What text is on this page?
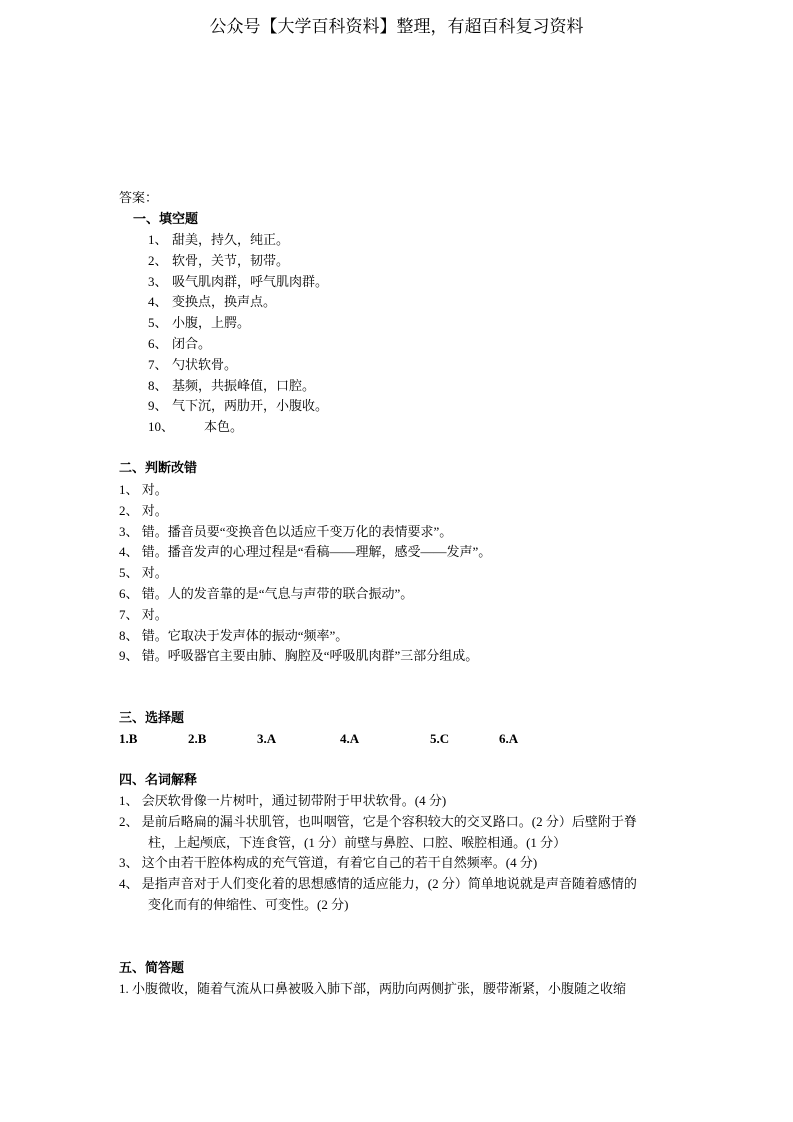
公众号【大学百科资料】整理，有超百科复习资料
答案：
一、填空题
二、判断改错
三、选择题
四、名词解释
五、简答题
1、 甜美，持久，纯正。
2、 软骨，关节，韧带。
3、 吸气肌肉群，呼气肌肉群。
4、 变换点，换声点。
5、 小腹，上腭。
6、 闭合。
7、 勺状软骨。
8、 基频，共振峰值，口腔。
9、 气下沉，两肋开，小腹收。
10、 本色。
1、 对。
2、 对。
3、 错。播音员要“变换音色以适应千变万化的表情要求”。
4、 错。播音发声的心理过程是“看稿——理解，感受——发声”。
5、 对。
6、 错。人的发音靠的是“气息与声带的联合振动”。
7、 对。
8、 错。它取决于发声体的振动“频率”。
9、 错。呼吸器官主要由肺、胸腔及“呼吸肌肉群”三部分组成。
1.B	2.B	3.A	4.A	5.C	6.A
1、 会厌软骨像一片树叶，通过韧带附于甲状软骨。(4 分)
2、 是前后略扁的漏斗状肌管，也叫咽管，它是个容积较大的交叉路口。(2 分）后壁附于脊
柱，上起颅底，下连食管，(1 分）前壁与鼻腔、口腔、喉腔相通。(1 分）
3、 这个由若干腔体构成的充气管道，有着它自己的若干自然频率。(4 分)
4、 是指声音对于人们变化着的思想感情的适应能力，(2 分）简单地说就是声音随着感情的
变化而有的伸缩性、可变性。(2 分)
1. 小腹微收，随着气流从口鼻被吸入肺下部，两肋向两侧扩张，腰带渐紧，小腹随之收缩
